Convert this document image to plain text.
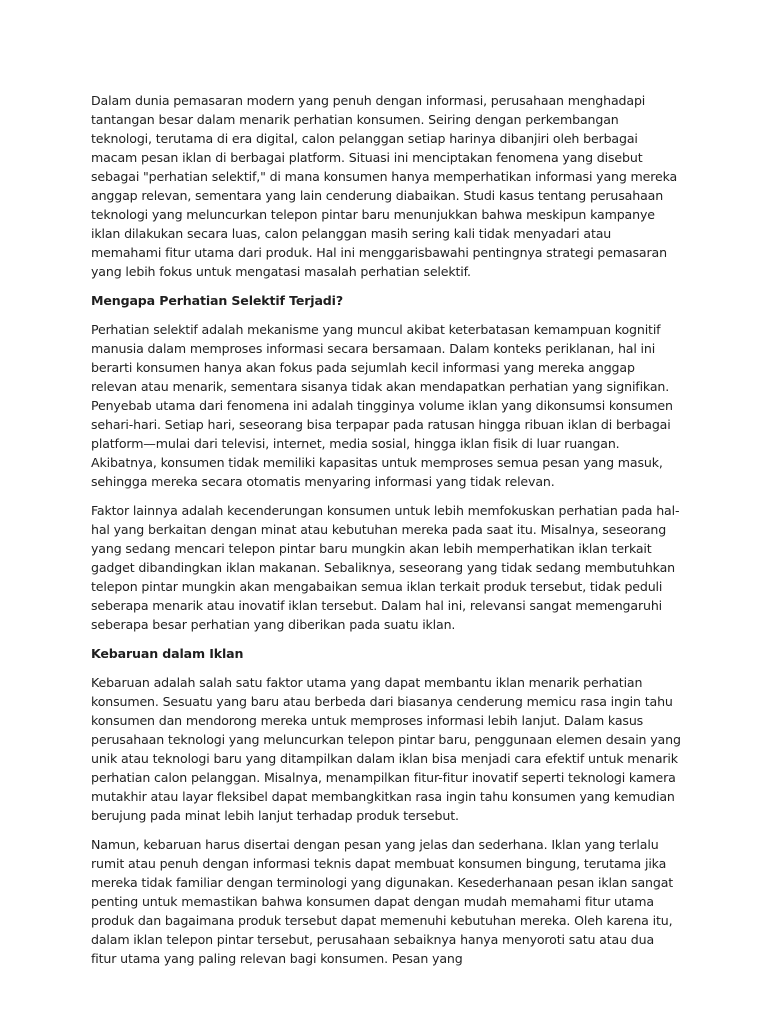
Dalam dunia pemasaran modern yang penuh dengan informasi, perusahaan menghadapi tantangan besar dalam menarik perhatian konsumen. Seiring dengan perkembangan teknologi, terutama di era digital, calon pelanggan setiap harinya dibanjiri oleh berbagai macam pesan iklan di berbagai platform. Situasi ini menciptakan fenomena yang disebut sebagai "perhatian selektif," di mana konsumen hanya memperhatikan informasi yang mereka anggap relevan, sementara yang lain cenderung diabaikan. Studi kasus tentang perusahaan teknologi yang meluncurkan telepon pintar baru menunjukkan bahwa meskipun kampanye iklan dilakukan secara luas, calon pelanggan masih sering kali tidak menyadari atau memahami fitur utama dari produk. Hal ini menggarisbawahi pentingnya strategi pemasaran yang lebih fokus untuk mengatasi masalah perhatian selektif.

Mengapa Perhatian Selektif Terjadi?

Perhatian selektif adalah mekanisme yang muncul akibat keterbatasan kemampuan kognitif manusia dalam memproses informasi secara bersamaan. Dalam konteks periklanan, hal ini berarti konsumen hanya akan fokus pada sejumlah kecil informasi yang mereka anggap relevan atau menarik, sementara sisanya tidak akan mendapatkan perhatian yang signifikan. Penyebab utama dari fenomena ini adalah tingginya volume iklan yang dikonsumsi konsumen sehari-hari. Setiap hari, seseorang bisa terpapar pada ratusan hingga ribuan iklan di berbagai platform—mulai dari televisi, internet, media sosial, hingga iklan fisik di luar ruangan. Akibatnya, konsumen tidak memiliki kapasitas untuk memproses semua pesan yang masuk, sehingga mereka secara otomatis menyaring informasi yang tidak relevan.

Faktor lainnya adalah kecenderungan konsumen untuk lebih memfokuskan perhatian pada hal-hal yang berkaitan dengan minat atau kebutuhan mereka pada saat itu. Misalnya, seseorang yang sedang mencari telepon pintar baru mungkin akan lebih memperhatikan iklan terkait gadget dibandingkan iklan makanan. Sebaliknya, seseorang yang tidak sedang membutuhkan telepon pintar mungkin akan mengabaikan semua iklan terkait produk tersebut, tidak peduli seberapa menarik atau inovatif iklan tersebut. Dalam hal ini, relevansi sangat memengaruhi seberapa besar perhatian yang diberikan pada suatu iklan.

Kebaruan dalam Iklan

Kebaruan adalah salah satu faktor utama yang dapat membantu iklan menarik perhatian konsumen. Sesuatu yang baru atau berbeda dari biasanya cenderung memicu rasa ingin tahu konsumen dan mendorong mereka untuk memproses informasi lebih lanjut. Dalam kasus perusahaan teknologi yang meluncurkan telepon pintar baru, penggunaan elemen desain yang unik atau teknologi baru yang ditampilkan dalam iklan bisa menjadi cara efektif untuk menarik perhatian calon pelanggan. Misalnya, menampilkan fitur-fitur inovatif seperti teknologi kamera mutakhir atau layar fleksibel dapat membangkitkan rasa ingin tahu konsumen yang kemudian berujung pada minat lebih lanjut terhadap produk tersebut.

Namun, kebaruan harus disertai dengan pesan yang jelas dan sederhana. Iklan yang terlalu rumit atau penuh dengan informasi teknis dapat membuat konsumen bingung, terutama jika mereka tidak familiar dengan terminologi yang digunakan. Kesederhanaan pesan iklan sangat penting untuk memastikan bahwa konsumen dapat dengan mudah memahami fitur utama produk dan bagaimana produk tersebut dapat memenuhi kebutuhan mereka. Oleh karena itu, dalam iklan telepon pintar tersebut, perusahaan sebaiknya hanya menyoroti satu atau dua fitur utama yang paling relevan bagi konsumen. Pesan yang
